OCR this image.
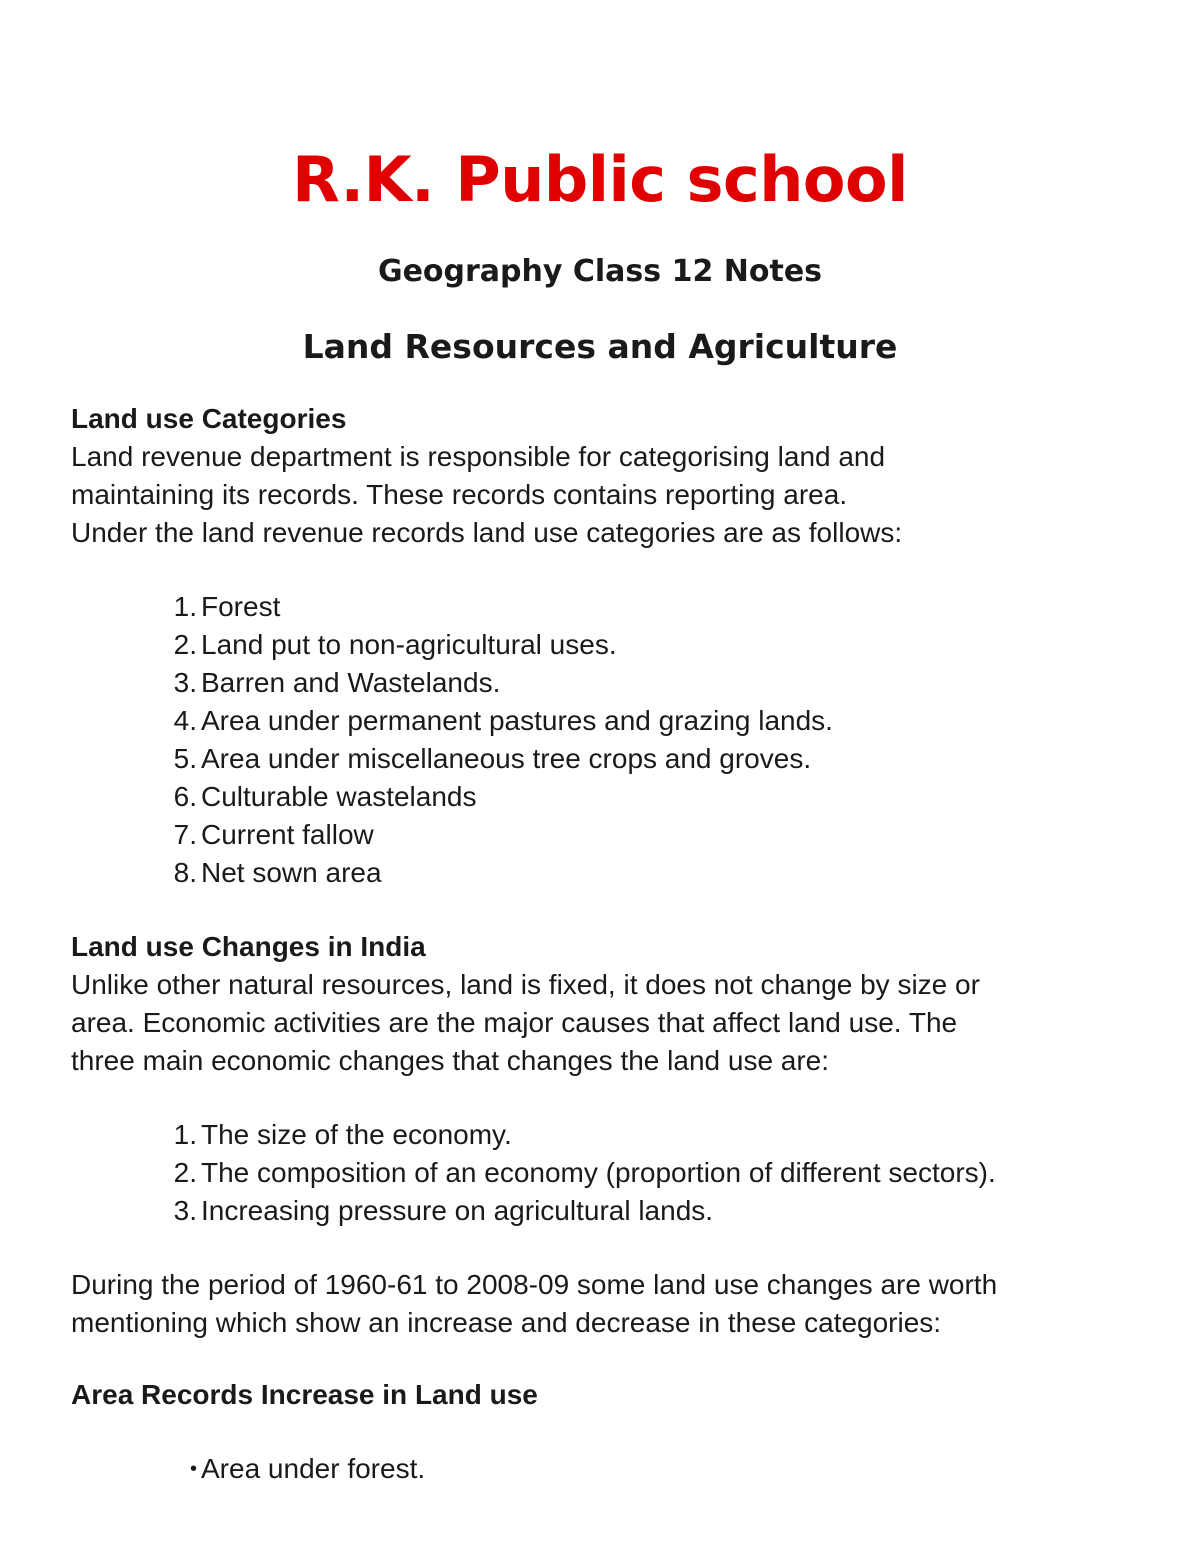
R.K. Public school
Geography Class 12 Notes
Land Resources and Agriculture

Land use Categories

Land revenue department is responsible for categorising land and

maintaining its records. These records contains reporting area.

Under the land revenue records land use categories are as follows:

1. Forest
2. Land put to non-agricultural uses.
3. Barren and Wastelands.
4. Area under permanent pastures and grazing lands.
5. Area under miscellaneous tree crops and groves.
6. Culturable wastelands
7. Current fallow
8. Net sown area

Land use Changes in India

Unlike other natural resources, land is fixed, it does not change by size or

area. Economic activities are the major causes that affect land use. The

three main economic changes that changes the land use are:

1. The size of the economy.
2. The composition of an economy (proportion of different sectors).
3. Increasing pressure on agricultural lands.

During the period of 1960-61 to 2008-09 some land use changes are worth

mentioning which show an increase and decrease in these categories:

Area Records Increase in Land use

• Area under forest.
